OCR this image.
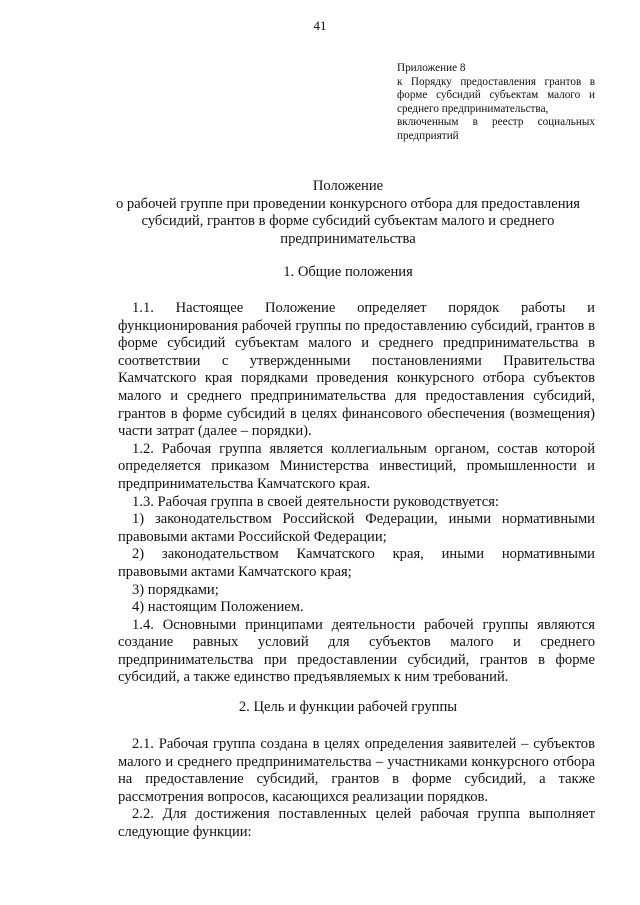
41
Приложение 8
к Порядку предоставления грантов в форме субсидий субъектам малого и среднего предпринимательства,
включенным в реестр социальных предприятий
Положение
о рабочей группе при проведении конкурсного отбора для предоставления субсидий, грантов в форме субсидий субъектам малого и среднего предпринимательства
1. Общие положения

1.1. Настоящее Положение определяет порядок работы и функционирования рабочей группы по предоставлению субсидий, грантов в форме субсидий субъектам малого и среднего предпринимательства в соответствии с утвержденными постановлениями Правительства Камчатского края порядками проведения конкурсного отбора субъектов малого и среднего предпринимательства для предоставления субсидий, грантов в форме субсидий в целях финансового обеспечения (возмещения) части затрат (далее – порядки).

1.2. Рабочая группа является коллегиальным органом, состав которой определяется приказом Министерства инвестиций, промышленности и предпринимательства Камчатского края.

1.3. Рабочая группа в своей деятельности руководствуется:

1) законодательством Российской Федерации, иными нормативными правовыми актами Российской Федерации;

2) законодательством Камчатского края, иными нормативными правовыми актами Камчатского края;

3) порядками;

4) настоящим Положением.

1.4. Основными принципами деятельности рабочей группы являются создание равных условий для субъектов малого и среднего предпринимательства при предоставлении субсидий, грантов в форме субсидий, а также единство предъявляемых к ним требований.

2. Цель и функции рабочей группы

2.1. Рабочая группа создана в целях определения заявителей – субъектов малого и среднего предпринимательства – участниками конкурсного отбора на предоставление субсидий, грантов в форме субсидий, а также рассмотрения вопросов, касающихся реализации порядков.

2.2. Для достижения поставленных целей рабочая группа выполняет следующие функции:
